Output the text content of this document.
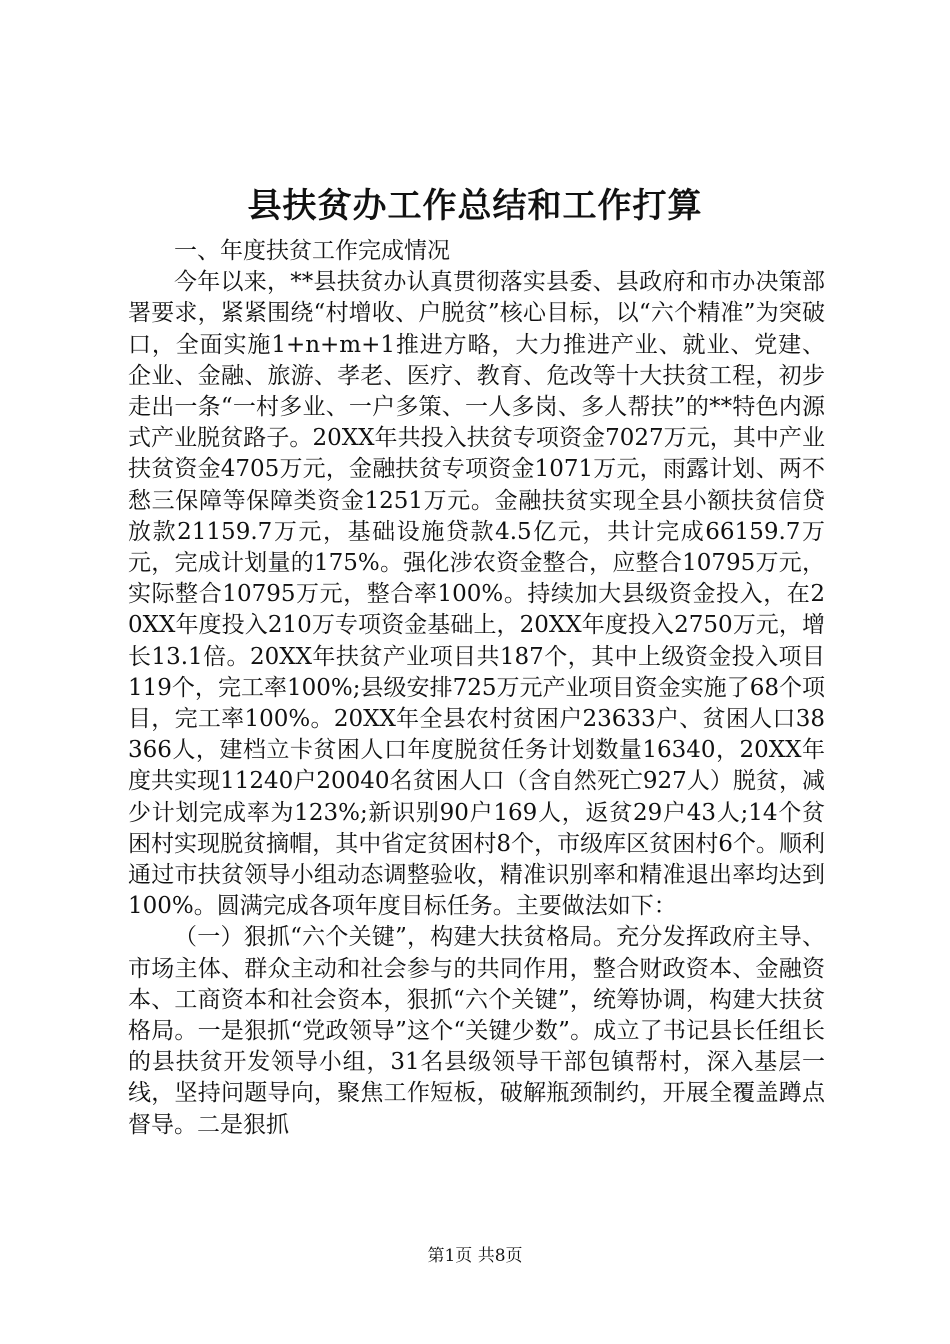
县扶贫办工作总结和工作打算

一、年度扶贫工作完成情况

今年以来，**县扶贫办认真贯彻落实县委、县政府和市办决策部署要求，紧紧围绕“村增收、户脱贫”核心目标，以“六个精准”为突破口，全面实施1+n+m+1推进方略，大力推进产业、就业、党建、企业、金融、旅游、孝老、医疗、教育、危改等十大扶贫工程，初步走出一条“一村多业、一户多策、一人多岗、多人帮扶”的**特色内源式产业脱贫路子。20XX年共投入扶贫专项资金7027万元，其中产业扶贫资金4705万元，金融扶贫专项资金1071万元，雨露计划、两不愁三保障等保障类资金1251万元。金融扶贫实现全县小额扶贫信贷放款21159.7万元，基础设施贷款4.5亿元，共计完成66159.7万元，完成计划量的175%。强化涉农资金整合，应整合10795万元，实际整合10795万元，整合率100%。持续加大县级资金投入，在20XX年度投入210万专项资金基础上，20XX年度投入2750万元，增长13.1倍。20XX年扶贫产业项目共187个，其中上级资金投入项目119个，完工率100%;县级安排725万元产业项目资金实施了68个项目，完工率100%。20XX年全县农村贫困户23633户、贫困人口38366人，建档立卡贫困人口年度脱贫任务计划数量16340，20XX年度共实现11240户20040名贫困人口（含自然死亡927人）脱贫，减少计划完成率为123%;新识别90户169人，返贫29户43人;14个贫困村实现脱贫摘帽，其中省定贫困村8个，市级库区贫困村6个。顺利通过市扶贫领导小组动态调整验收，精准识别率和精准退出率均达到100%。圆满完成各项年度目标任务。主要做法如下：

（一）狠抓“六个关键”，构建大扶贫格局。充分发挥政府主导、市场主体、群众主动和社会参与的共同作用，整合财政资本、金融资本、工商资本和社会资本，狠抓“六个关键”，统筹协调，构建大扶贫格局。一是狠抓“党政领导”这个“关键少数”。成立了书记县长任组长的县扶贫开发领导小组，31名县级领导干部包镇帮村，深入基层一线，坚持问题导向，聚焦工作短板，破解瓶颈制约，开展全覆盖蹲点督导。二是狠抓

第1页 共8页
